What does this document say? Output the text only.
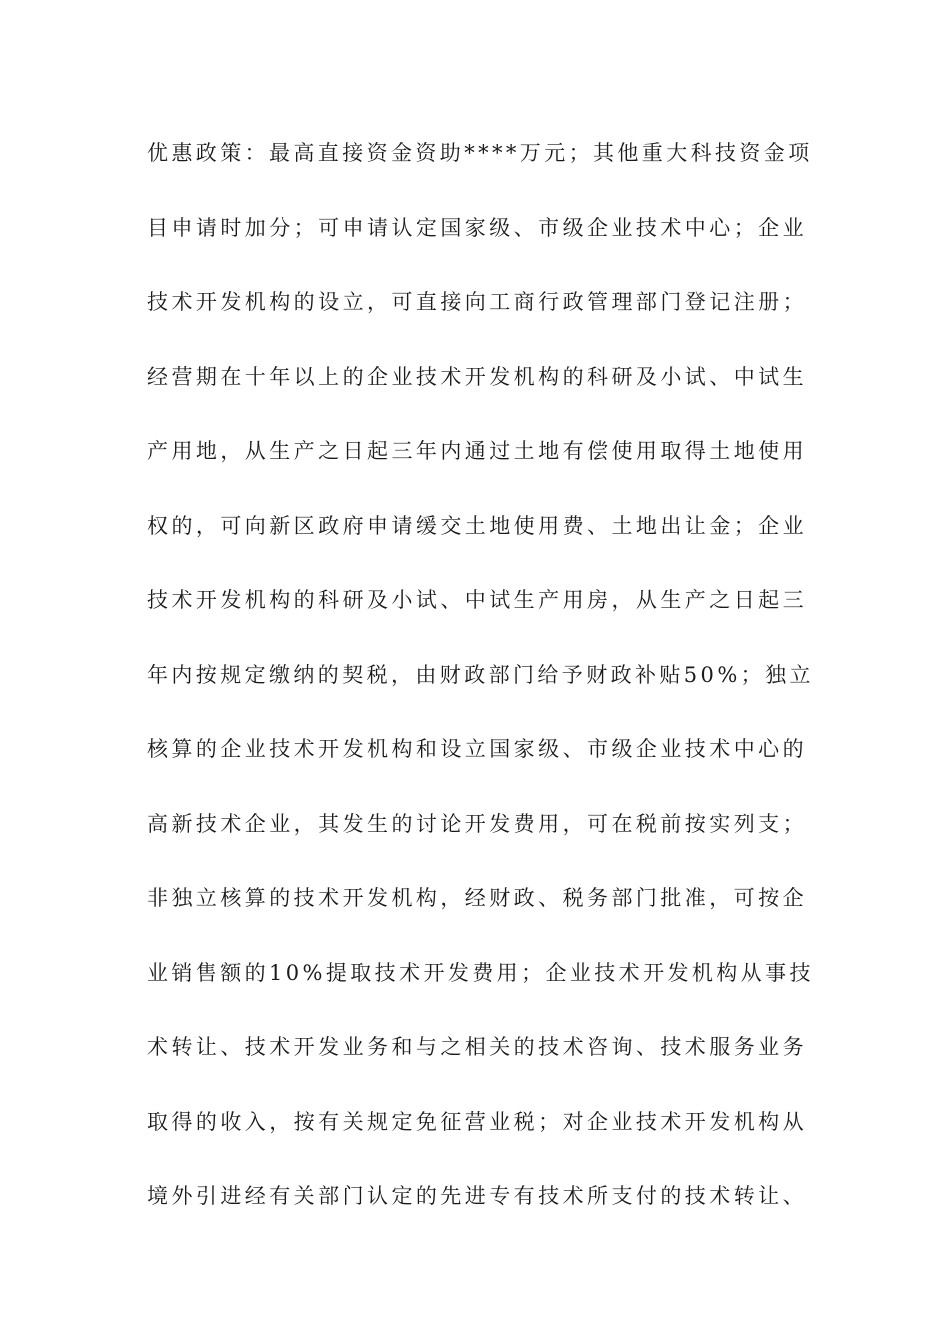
优惠政策：最高直接资金资助****万元；其他重大科技资金项
目申请时加分；可申请认定国家级、市级企业技术中心；企业
技术开发机构的设立，可直接向工商行政管理部门登记注册；
经营期在十年以上的企业技术开发机构的科研及小试、中试生
产用地，从生产之日起三年内通过土地有偿使用取得土地使用
权的，可向新区政府申请缓交土地使用费、土地出让金；企业
技术开发机构的科研及小试、中试生产用房，从生产之日起三
年内按规定缴纳的契税，由财政部门给予财政补贴50%；独立
核算的企业技术开发机构和设立国家级、市级企业技术中心的
高新技术企业，其发生的讨论开发费用，可在税前按实列支；
非独立核算的技术开发机构，经财政、税务部门批准，可按企
业销售额的10%提取技术开发费用；企业技术开发机构从事技
术转让、技术开发业务和与之相关的技术咨询、技术服务业务
取得的收入，按有关规定免征营业税；对企业技术开发机构从
境外引进经有关部门认定的先进专有技术所支付的技术转让、
